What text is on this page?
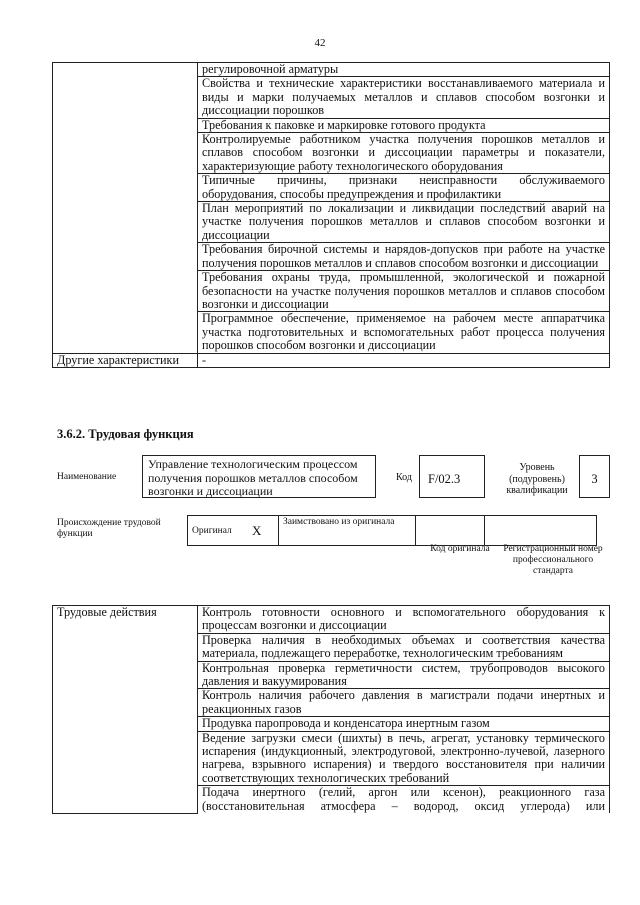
42
	регулировочной арматуры
	Свойства и технические характеристики восстанавливаемого материала и виды и марки получаемых металлов и сплавов способом возгонки и диссоциации порошков
	Требования к паковке и маркировке готового продукта
	Контролируемые работником участка получения порошков металлов и сплавов способом возгонки и диссоциации параметры и показатели, характеризующие работу технологического оборудования
	Типичные причины, признаки неисправности обслуживаемого оборудования, способы предупреждения и профилактики
	План мероприятий по локализации и ликвидации последствий аварий на участке получения порошков металлов и сплавов способом возгонки и диссоциации
	Требования бирочной системы и нарядов-допусков при работе на участке получения порошков металлов и сплавов способом возгонки и диссоциации
	Требования охраны труда, промышленной, экологической и пожарной безопасности на участке получения порошков металлов и сплавов способом возгонки и диссоциации
	Программное обеспечение, применяемое на рабочем месте аппаратчика участка подготовительных и вспомогательных работ процесса получения порошков способом возгонки и диссоциации
Другие характеристики	-
3.6.2. Трудовая функция
Наименование
Управление технологическим процессом получения порошков металлов способом возгонки и диссоциации
Код	F/02.3
Уровень (подуровень) квалификации
3
Происхождение трудовой функции	Оригинал	X	Заимствовано из оригинала		
Код оригинала	Регистрационный номер профессионального стандарта
Трудовые действия	Контроль готовности основного и вспомогательного оборудования к процессам возгонки и диссоциации
Проверка наличия в необходимых объемах и соответствия качества материала, подлежащего переработке, технологическим требованиям
Контрольная проверка герметичности систем, трубопроводов высокого давления и вакуумирования
Контроль наличия рабочего давления в магистрали подачи инертных и реакционных газов
Продувка паропровода и конденсатора инертным газом
Ведение загрузки смеси (шихты) в печь, агрегат, установку термического испарения (индукционный, электродуговой, электронно-лучевой, лазерного нагрева, взрывного испарения) и твердого восстановителя при наличии соответствующих технологических требований
Подача инертного (гелий, аргон или ксенон), реакционного газа (восстановительная атмосфера – водород, оксид углерода) или
